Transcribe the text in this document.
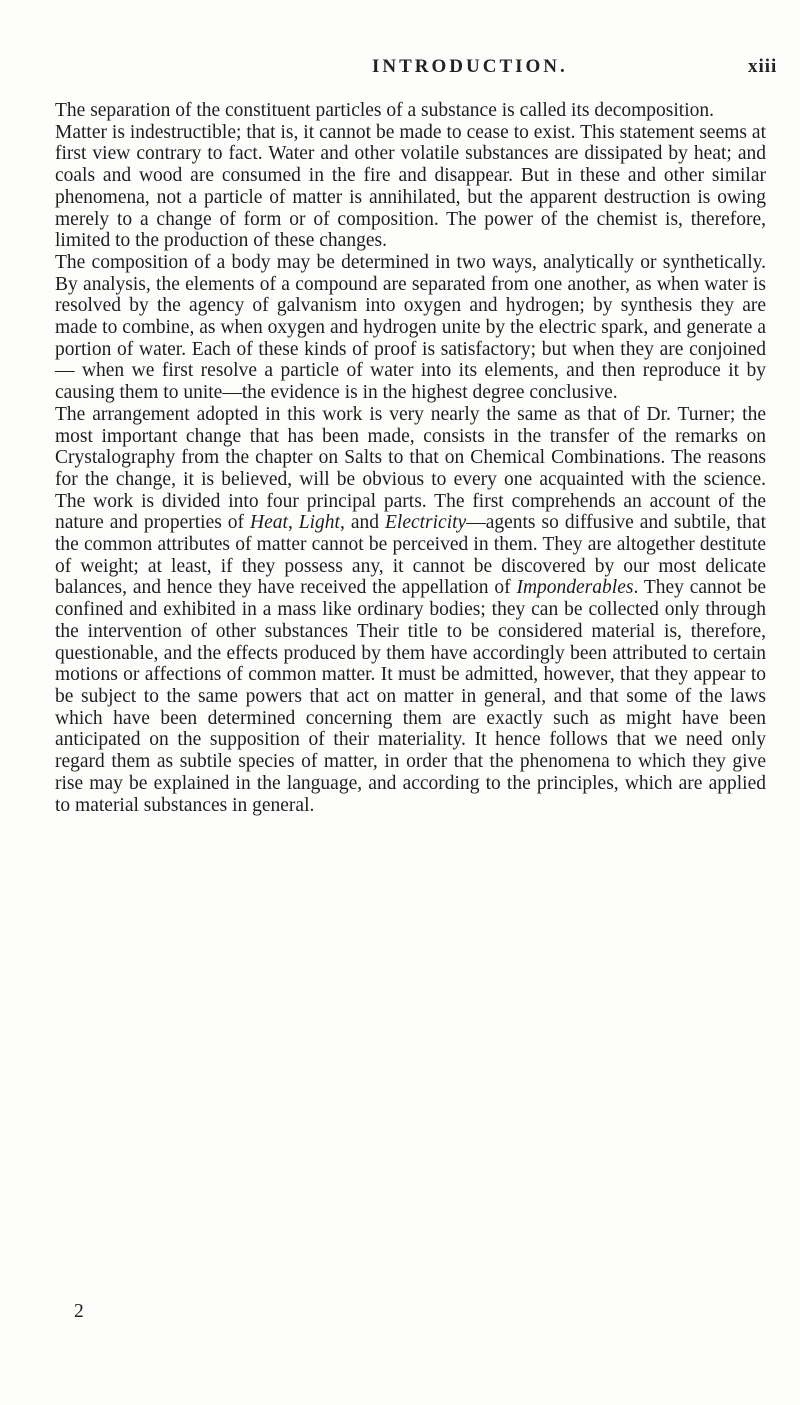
INTRODUCTION.	xiii

The separation of the constituent particles of a substance is called its decomposition.

Matter is indestructible; that is, it cannot be made to cease to exist. This statement seems at first view contrary to fact. Water and other volatile substances are dissipated by heat; and coals and wood are consumed in the fire and disappear. But in these and other similar phenomena, not a particle of matter is annihilated, but the apparent destruction is owing merely to a change of form or of composition. The power of the chemist is, therefore, limited to the production of these changes.

The composition of a body may be determined in two ways, analytically or synthetically. By analysis, the elements of a compound are separated from one another, as when water is resolved by the agency of galvanism into oxygen and hydrogen; by synthesis they are made to combine, as when oxygen and hydrogen unite by the electric spark, and generate a portion of water. Each of these kinds of proof is satisfactory; but when they are conjoined — when we first resolve a particle of water into its elements, and then reproduce it by causing them to unite—the evidence is in the highest degree conclusive.

The arrangement adopted in this work is very nearly the same as that of Dr. Turner; the most important change that has been made, consists in the transfer of the remarks on Crystalography from the chapter on Salts to that on Chemical Combinations. The reasons for the change, it is believed, will be obvious to every one acquainted with the science. The work is divided into four principal parts. The first comprehends an account of the nature and properties of Heat, Light, and Electricity—agents so diffusive and subtile, that the common attributes of matter cannot be perceived in them. They are altogether destitute of weight; at least, if they possess any, it cannot be discovered by our most delicate balances, and hence they have received the appellation of Imponderables. They cannot be confined and exhibited in a mass like ordinary bodies; they can be collected only through the intervention of other substances Their title to be considered material is, therefore, questionable, and the effects produced by them have accordingly been attributed to certain motions or affections of common matter. It must be admitted, however, that they appear to be subject to the same powers that act on matter in general, and that some of the laws which have been determined concerning them are exactly such as might have been anticipated on the supposition of their materiality. It hence follows that we need only regard them as subtile species of matter, in order that the phenomena to which they give rise may be explained in the language, and according to the principles, which are applied to material substances in general.

2
